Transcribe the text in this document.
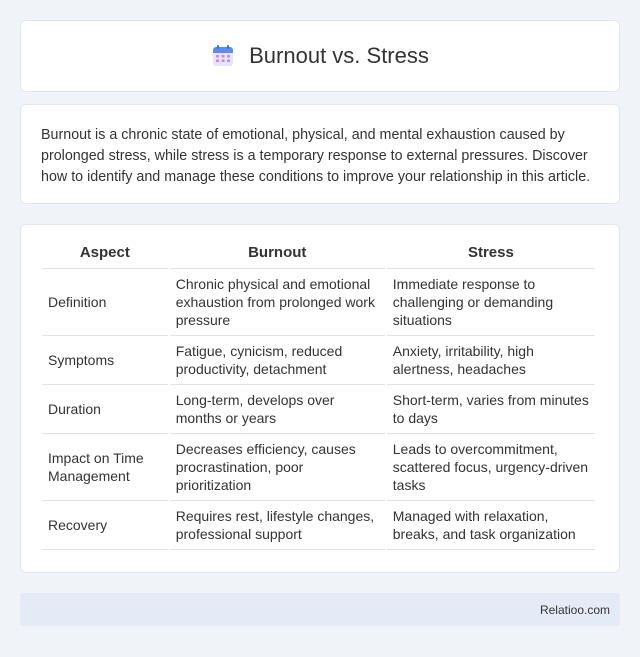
Burnout vs. Stress

Burnout is a chronic state of emotional, physical, and mental exhaustion caused by prolonged stress, while stress is a temporary response to external pressures. Discover how to identify and manage these conditions to improve your relationship in this article.

Aspect	Burnout	Stress
Definition	Chronic physical and emotional exhaustion from prolonged work pressure	Immediate response to challenging or demanding situations
Symptoms	Fatigue, cynicism, reduced productivity, detachment	Anxiety, irritability, high alertness, headaches
Duration	Long-term, develops over months or years	Short-term, varies from minutes to days
Impact on Time Management	Decreases efficiency, causes procrastination, poor prioritization	Leads to overcommitment, scattered focus, urgency-driven tasks
Recovery	Requires rest, lifestyle changes, professional support	Managed with relaxation, breaks, and task organization
Relatioo.com
